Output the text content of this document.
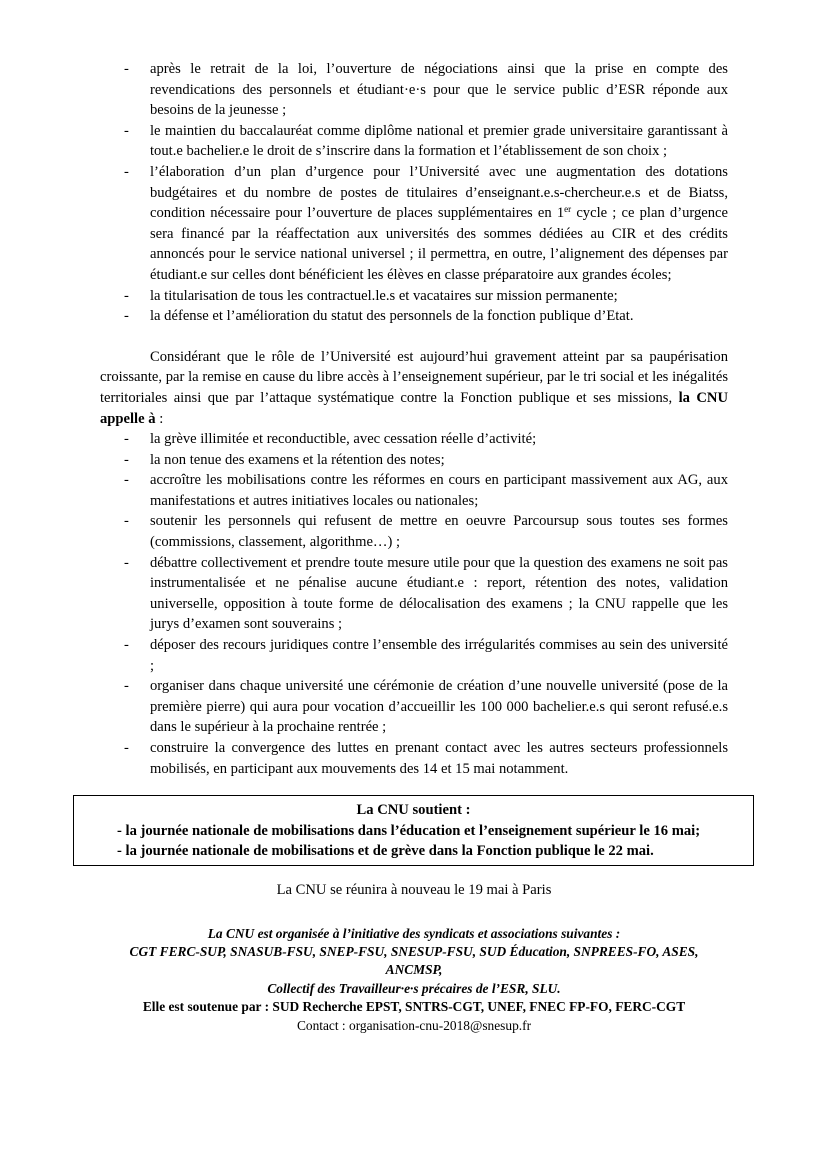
- après le retrait de la loi, l’ouverture de négociations ainsi que la prise en compte des revendications des personnels et étudiant·e·s pour que le service public d’ESR réponde aux besoins de la jeunesse ;
- le maintien du baccalauréat comme diplôme national et premier grade universitaire garantissant à tout.e bachelier.e le droit de s’inscrire dans la formation et l’établissement de son choix ;
- l’élaboration d’un plan d’urgence pour l’Université avec une augmentation des dotations budgétaires et du nombre de postes de titulaires d’enseignant.e.s-chercheur.e.s et de Biatss, condition nécessaire pour l’ouverture de places supplémentaires en 1er cycle ; ce plan d’urgence sera financé par la réaffectation aux universités des sommes dédiées au CIR et des crédits annoncés pour le service national universel ; il permettra, en outre, l’alignement des dépenses par étudiant.e sur celles dont bénéficient les élèves en classe préparatoire aux grandes écoles;
- la titularisation de tous les contractuel.le.s et vacataires sur mission permanente;
- la défense et l’amélioration du statut des personnels de la fonction publique d’Etat.

Considérant que le rôle de l’Université est aujourd’hui gravement atteint par sa paupérisation croissante, par la remise en cause du libre accès à l’enseignement supérieur, par le tri social et les inégalités territoriales ainsi que par l’attaque systématique contre la Fonction publique et ses missions, la CNU appelle à :

- la grève illimitée et reconductible, avec cessation réelle d’activité;
- la non tenue des examens et la rétention des notes;
- accroître les mobilisations contre les réformes en cours en participant massivement aux AG, aux manifestations et autres initiatives locales ou nationales;
- soutenir les personnels qui refusent de mettre en oeuvre Parcoursup sous toutes ses formes (commissions, classement, algorithme…) ;
- débattre collectivement et prendre toute mesure utile pour que la question des examens ne soit pas instrumentalisée et ne pénalise aucune étudiant.e : report, rétention des notes, validation universelle, opposition à toute forme de délocalisation des examens ; la CNU rappelle que les jurys d’examen sont souverains ;
- déposer des recours juridiques contre l’ensemble des irrégularités commises au sein des université ;
- organiser dans chaque université une cérémonie de création d’une nouvelle université (pose de la première pierre) qui aura pour vocation d’accueillir les 100 000 bachelier.e.s qui seront refusé.e.s dans le supérieur à la prochaine rentrée ;
- construire la convergence des luttes en prenant contact avec les autres secteurs professionnels mobilisés, en participant aux mouvements des 14 et 15 mai notamment.
La CNU soutient :
- la journée nationale de mobilisations dans l’éducation et l’enseignement supérieur le 16 mai;
- la journée nationale de mobilisations et de grève dans la Fonction publique le 22 mai.
La CNU se réunira à nouveau le 19 mai à Paris
La CNU est organisée à l’initiative des syndicats et associations suivantes :
CGT FERC-SUP, SNASUB-FSU, SNEP-FSU, SNESUP-FSU, SUD Éducation, SNPREES-FO, ASES, ANCMSP,
Collectif des Travailleur·e·s précaires de l’ESR, SLU.
Elle est soutenue par : SUD Recherche EPST, SNTRS-CGT, UNEF, FNEC FP-FO, FERC-CGT
Contact : organisation-cnu-2018@snesup.fr
